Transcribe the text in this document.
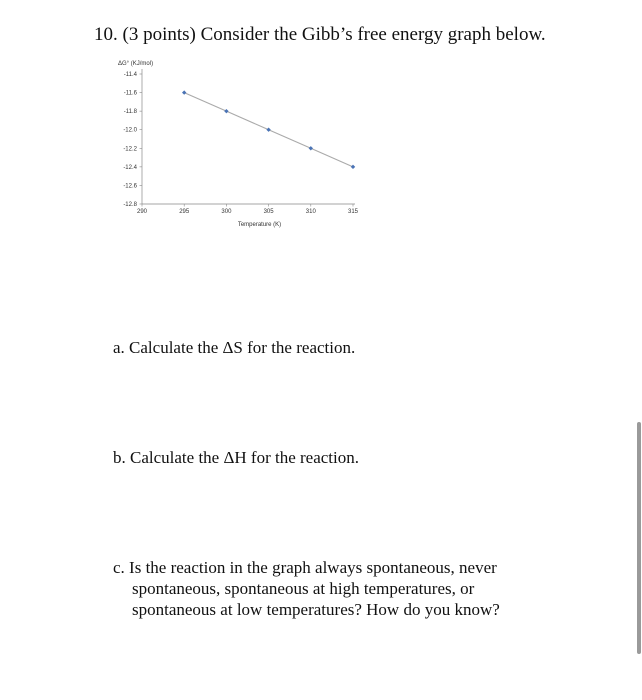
10. (3 points) Consider the Gibb’s free energy graph below.
-11.4
-11.6
-11.8
-12.0
-12.2
-12.4
-12.6
-12.8
290	295	300	305	310	315
ΔG° (KJ/mol)
Temperature (K)

a. Calculate the ΔS for the reaction.

b. Calculate the ΔH for the reaction.

c. Is the reaction in the graph always spontaneous, never
spontaneous, spontaneous at high temperatures, or
spontaneous at low temperatures? How do you know?
